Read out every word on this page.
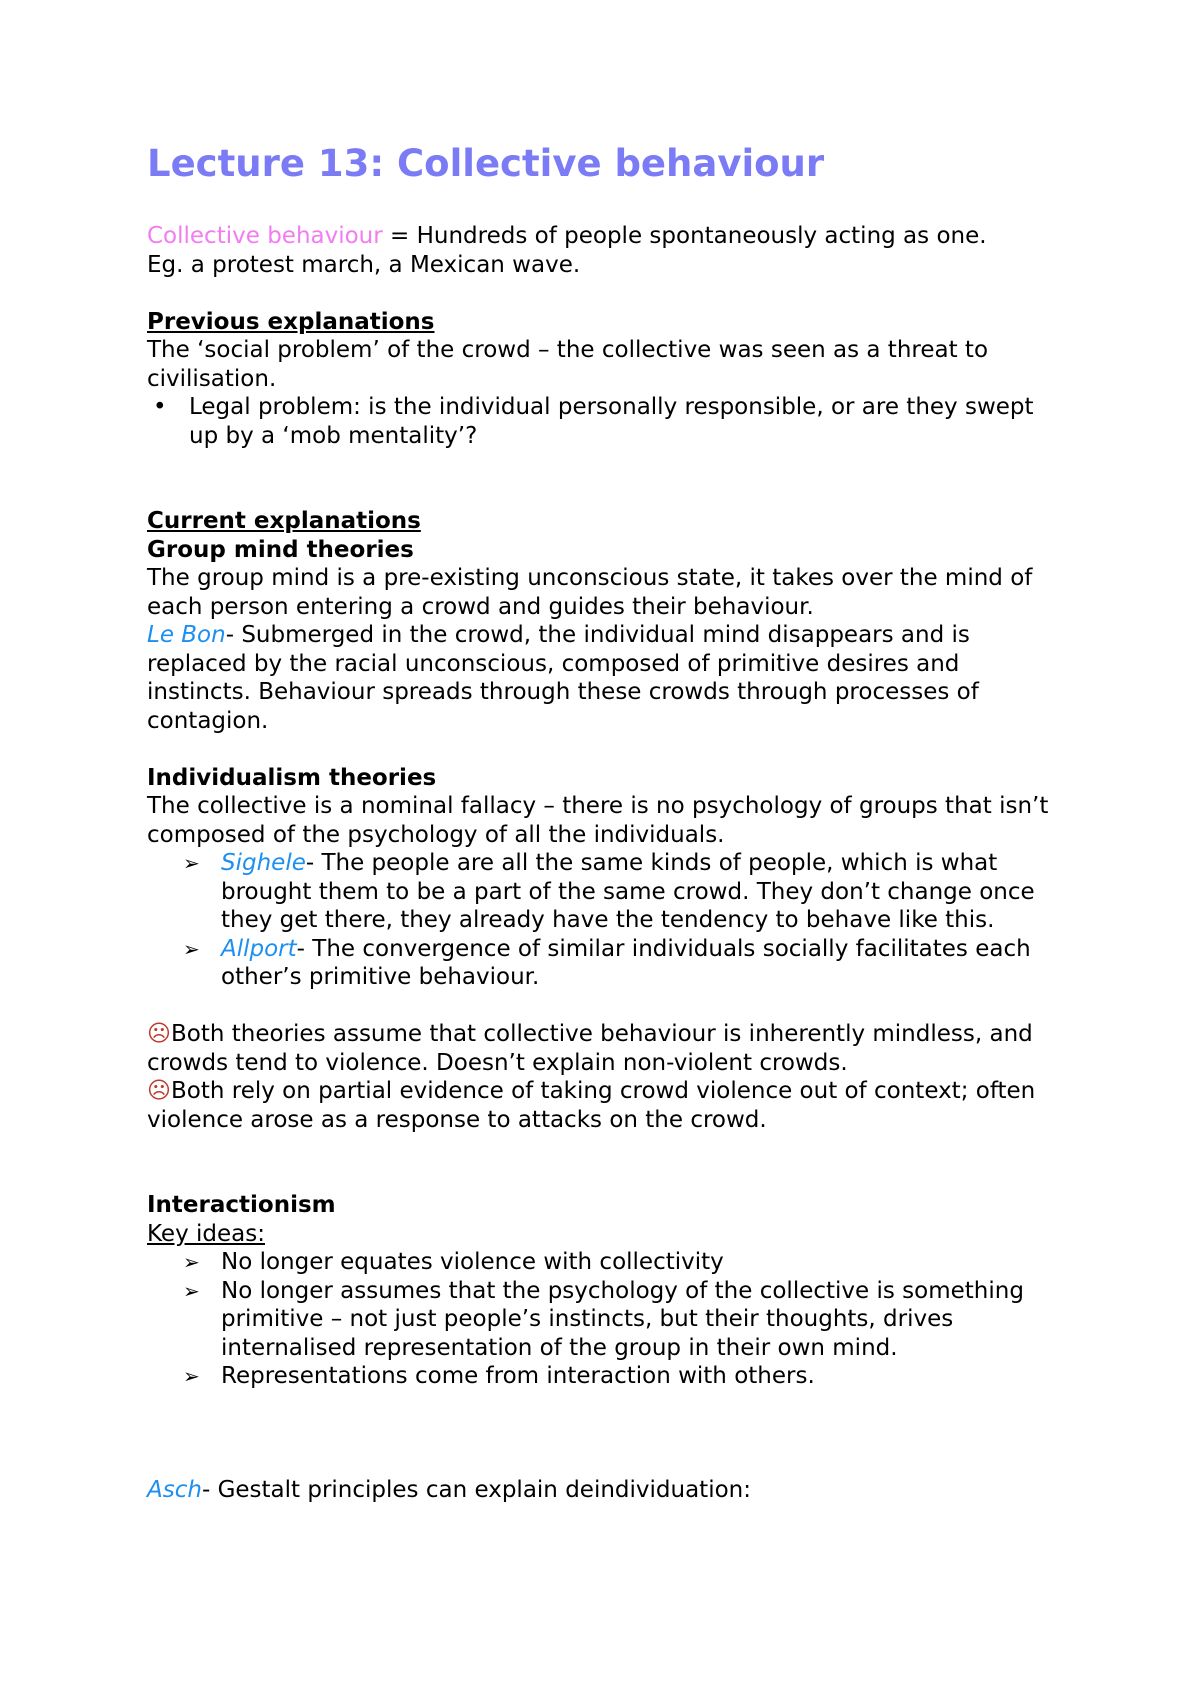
Lecture 13: Collective behaviour

Collective behaviour = Hundreds of people spontaneously acting as one.

Eg. a protest march, a Mexican wave.

Previous explanations

The ‘social problem’ of the crowd – the collective was seen as a threat to civilisation.

• Legal problem: is the individual personally responsible, or are they swept up by a ‘mob mentality’?

Current explanations

Group mind theories

The group mind is a pre-existing unconscious state, it takes over the mind of each person entering a crowd and guides their behaviour.

Le Bon- Submerged in the crowd, the individual mind disappears and is replaced by the racial unconscious, composed of primitive desires and instincts. Behaviour spreads through these crowds through processes of contagion.

Individualism theories

The collective is a nominal fallacy – there is no psychology of groups that isn’t composed of the psychology of all the individuals.

➢ Sighele- The people are all the same kinds of people, which is what brought them to be a part of the same crowd. They don’t change once they get there, they already have the tendency to behave like this.
➢ Allport- The convergence of similar individuals socially facilitates each other’s primitive behaviour.

☹Both theories assume that collective behaviour is inherently mindless, and crowds tend to violence. Doesn’t explain non-violent crowds.

☹Both rely on partial evidence of taking crowd violence out of context; often violence arose as a response to attacks on the crowd.

Interactionism

Key ideas:

➢ No longer equates violence with collectivity
➢ No longer assumes that the psychology of the collective is something primitive – not just people’s instincts, but their thoughts, drives internalised representation of the group in their own mind.
➢ Representations come from interaction with others.

Asch- Gestalt principles can explain deindividuation:
